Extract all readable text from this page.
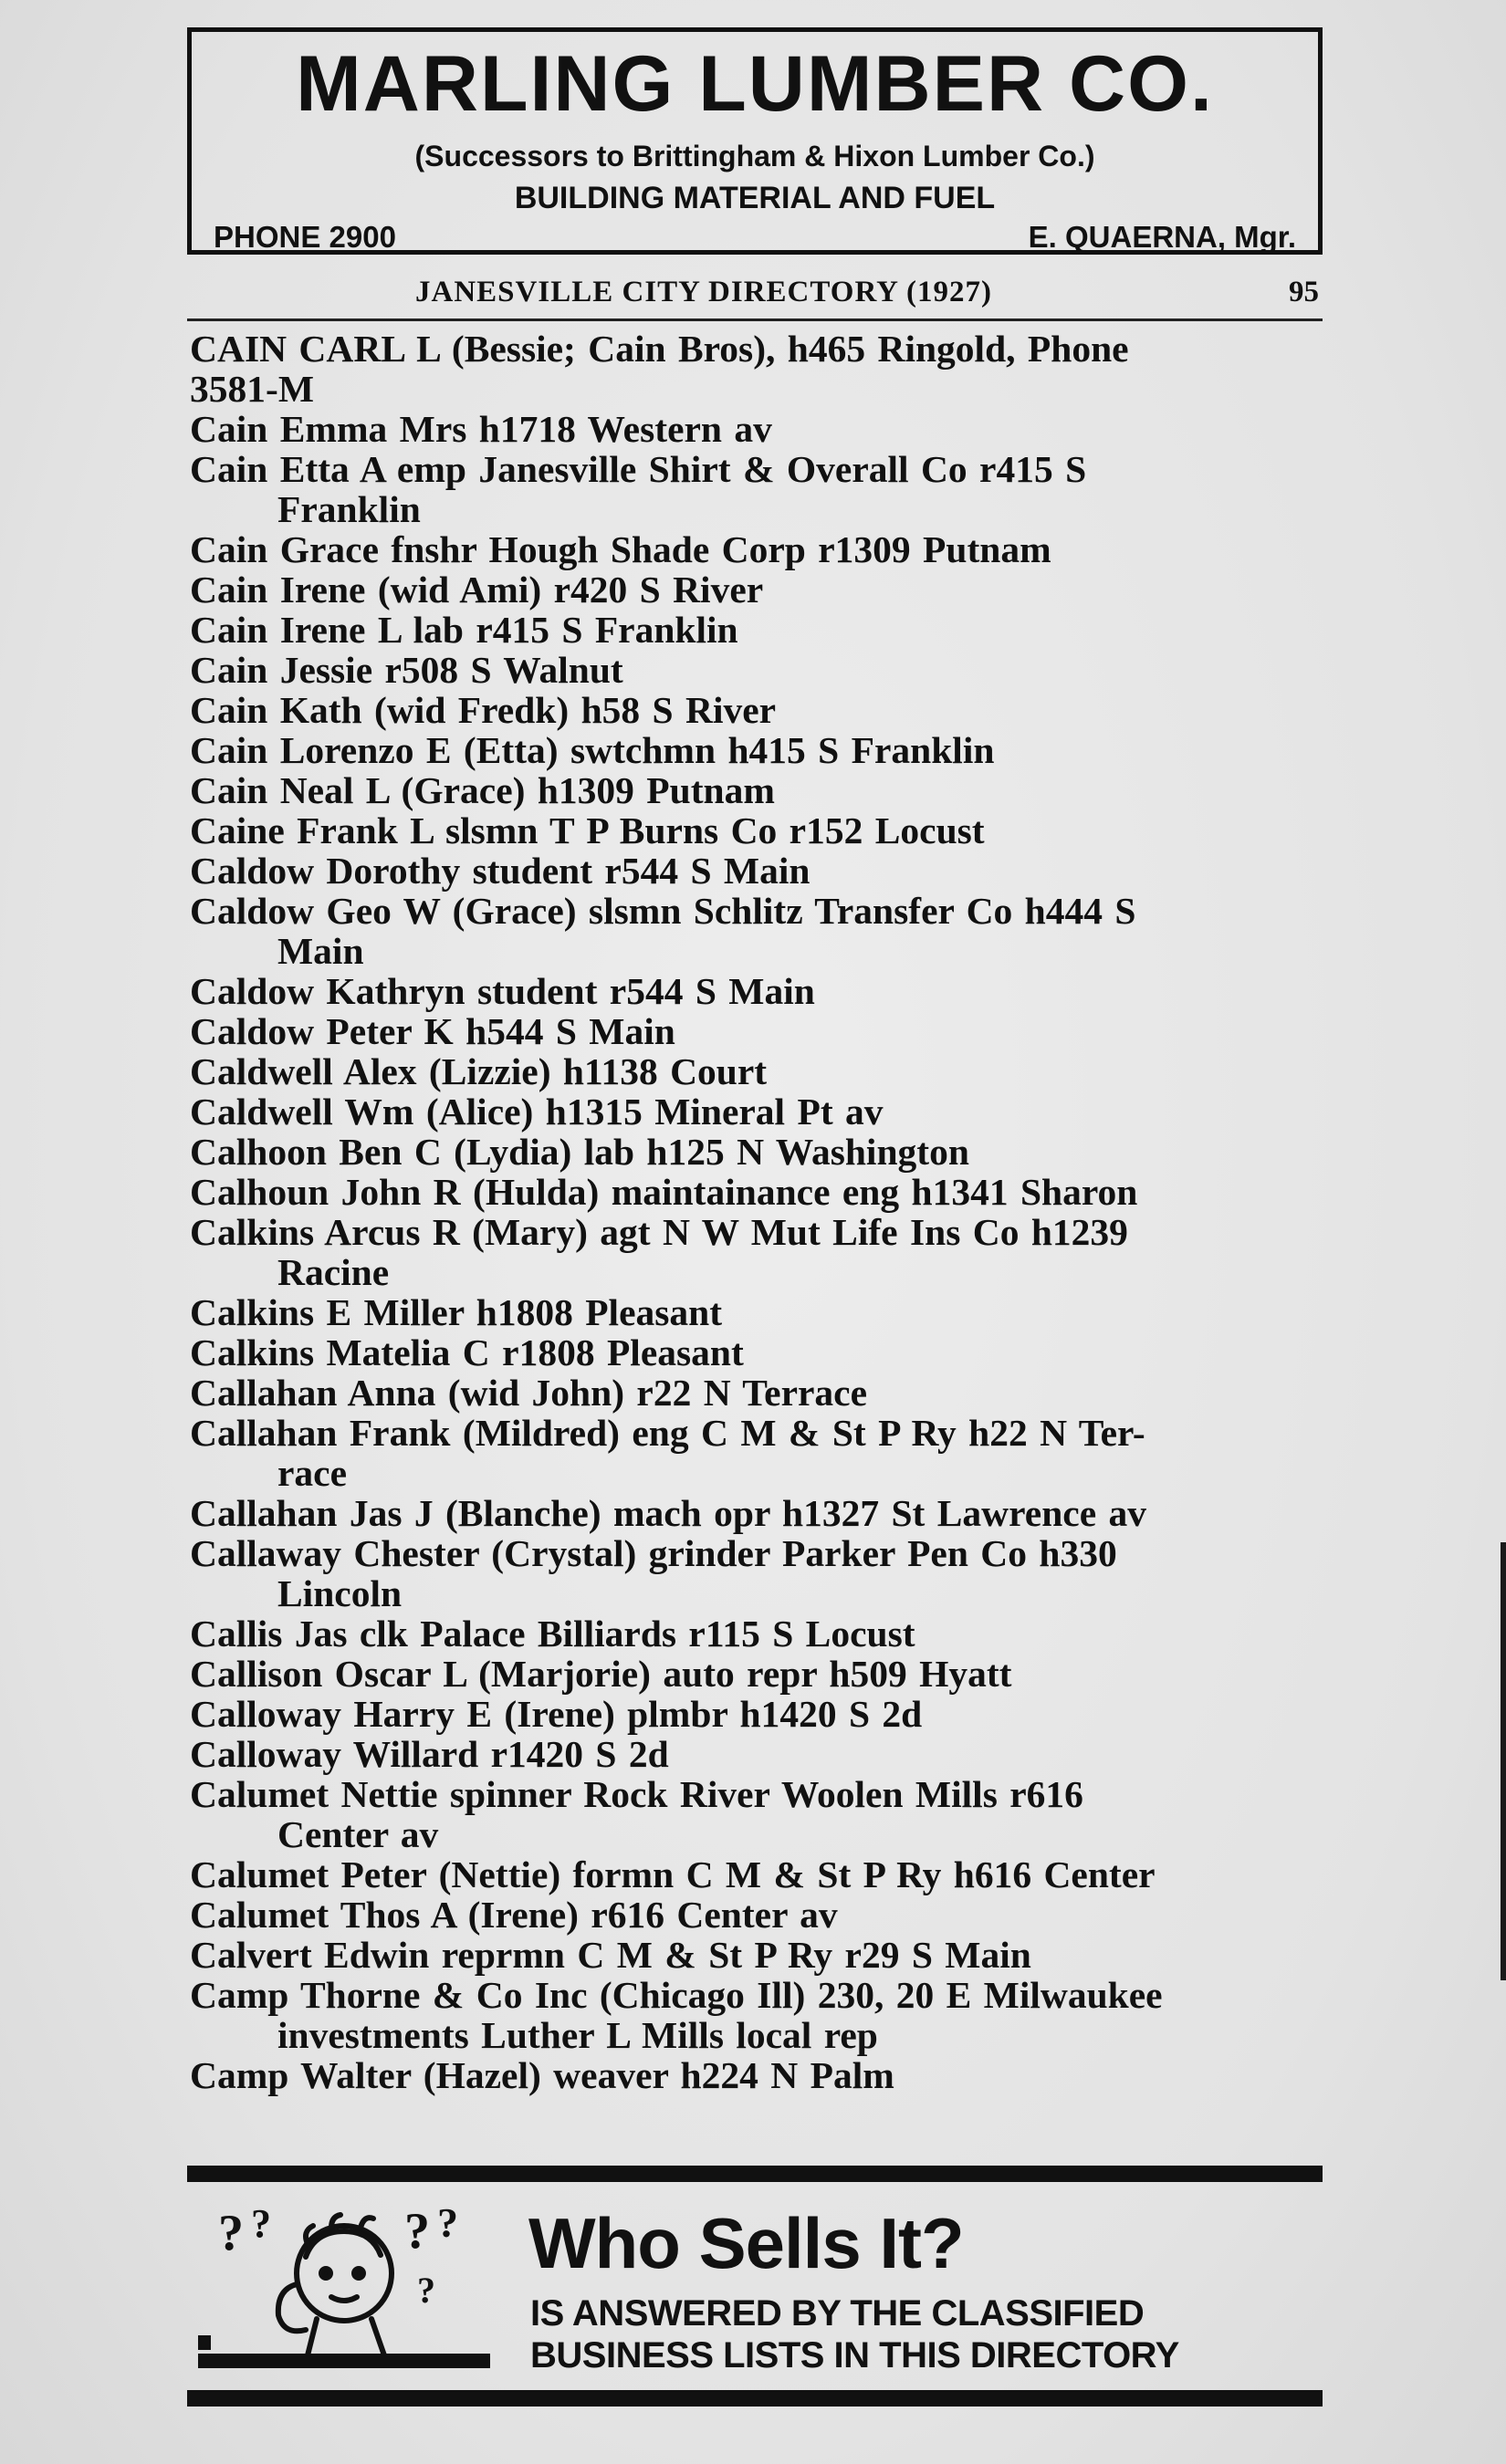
MARLING LUMBER CO.
(Successors to Brittingham & Hixon Lumber Co.)
BUILDING MATERIAL AND FUEL
PHONE 2900	E. QUAERNA, Mgr.
JANESVILLE CITY DIRECTORY (1927)	95
CAIN CARL L (Bessie; Cain Bros), h465 Ringold, Phone
3581-M
Cain Emma Mrs h1718 Western av
Cain Etta A emp Janesville Shirt & Overall Co r415 S
Franklin
Cain Grace fnshr Hough Shade Corp r1309 Putnam
Cain Irene (wid Ami) r420 S River
Cain Irene L lab r415 S Franklin
Cain Jessie r508 S Walnut
Cain Kath (wid Fredk) h58 S River
Cain Lorenzo E (Etta) swtchmn h415 S Franklin
Cain Neal L (Grace) h1309 Putnam
Caine Frank L slsmn T P Burns Co r152 Locust
Caldow Dorothy student r544 S Main
Caldow Geo W (Grace) slsmn Schlitz Transfer Co h444 S
Main
Caldow Kathryn student r544 S Main
Caldow Peter K h544 S Main
Caldwell Alex (Lizzie) h1138 Court
Caldwell Wm (Alice) h1315 Mineral Pt av
Calhoon Ben C (Lydia) lab h125 N Washington
Calhoun John R (Hulda) maintainance eng h1341 Sharon
Calkins Arcus R (Mary) agt N W Mut Life Ins Co h1239
Racine
Calkins E Miller h1808 Pleasant
Calkins Matelia C r1808 Pleasant
Callahan Anna (wid John) r22 N Terrace
Callahan Frank (Mildred) eng C M & St P Ry h22 N Ter-
race
Callahan Jas J (Blanche) mach opr h1327 St Lawrence av
Callaway Chester (Crystal) grinder Parker Pen Co h330
Lincoln
Callis Jas clk Palace Billiards r115 S Locust
Callison Oscar L (Marjorie) auto repr h509 Hyatt
Calloway Harry E (Irene) plmbr h1420 S 2d
Calloway Willard r1420 S 2d
Calumet Nettie spinner Rock River Woolen Mills r616
Center av
Calumet Peter (Nettie) formn C M & St P Ry h616 Center
Calumet Thos A (Irene) r616 Center av
Calvert Edwin reprmn C M & St P Ry r29 S Main
Camp Thorne & Co Inc (Chicago Ill) 230, 20 E Milwaukee
investments Luther L Mills local rep
Camp Walter (Hazel) weaver h224 N Palm
? ?	? ?
?
Who Sells It?
IS ANSWERED BY THE CLASSIFIED
BUSINESS LISTS IN THIS DIRECTORY
